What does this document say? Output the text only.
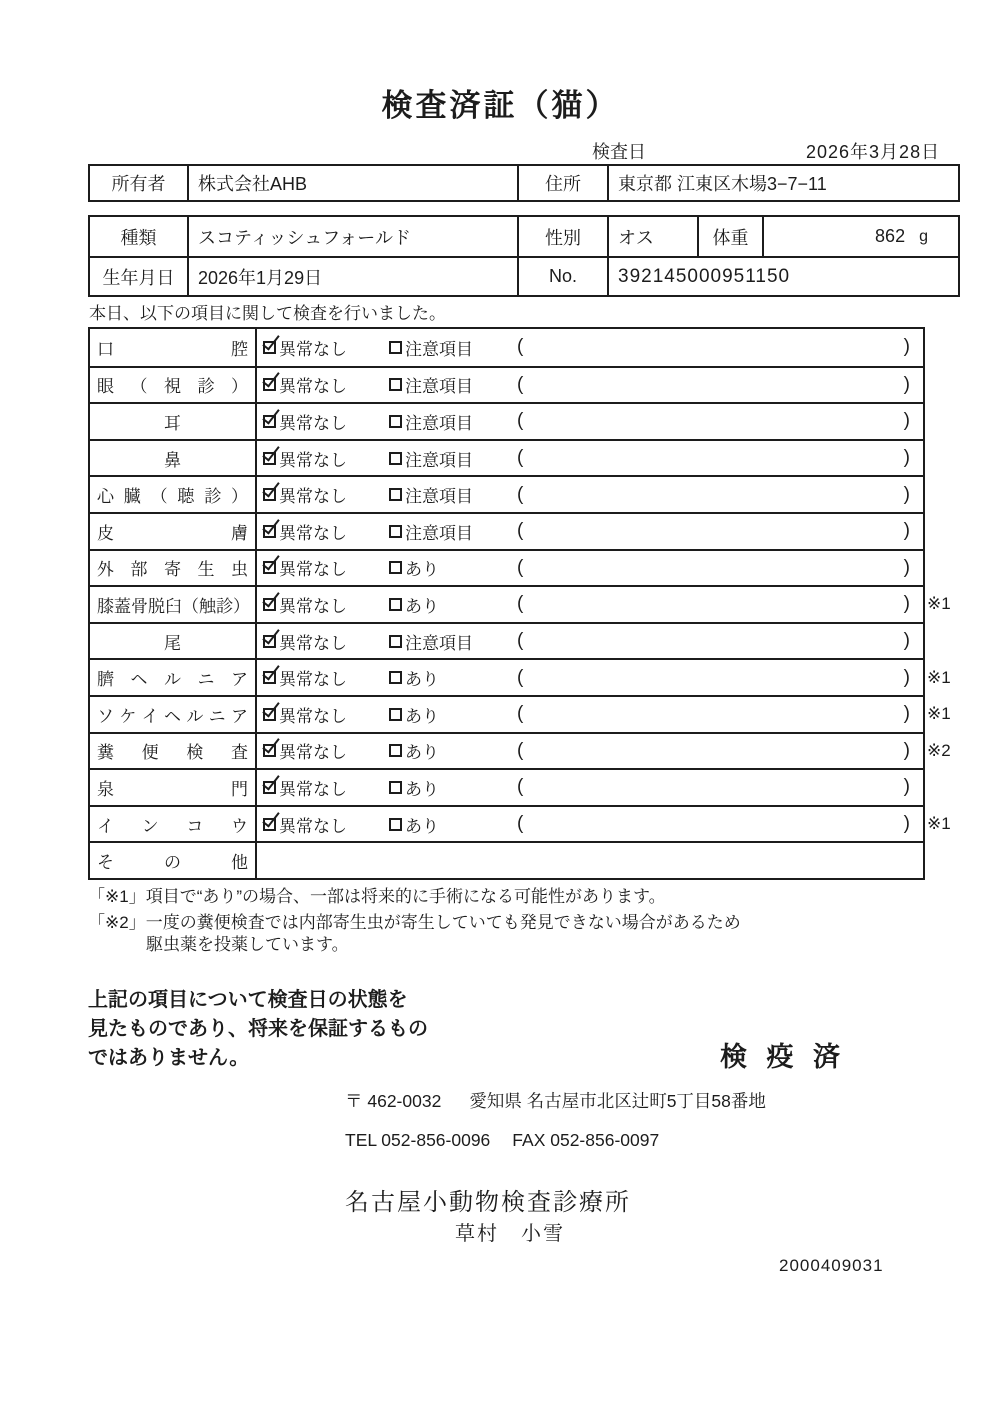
検査済証（猫）
検査日	2026年3月28日
所有者	株式会社AHB	住所	東京都 江東区木場3−7−11
種類	スコティッシュフォールド	性別	オス	体重	862 g
生年月日	2026年1月29日	No.	392145000951150
本日、以下の項目に関して検査を行いました。
口 腔 異常なし	注意項目	(	)
眼 （ 視 診 ） 異常なし	注意項目	(	)
耳	異常なし	注意項目	(	)
鼻	異常なし	注意項目	(	)
心 臓 （ 聴 診 ） 異常なし	注意項目	(	)
皮 膚 異常なし	注意項目	(	)
外 部 寄 生 虫 異常なし	あり	(	)
膝蓋骨脱臼（触診） 異常なし	あり	(	) ※1
尾	異常なし	注意項目	(	)
臍 ヘ ル ニ ア 異常なし	あり	(	) ※1
ソ ケ イ ヘ ル ニ ア 異常なし	あり	(	) ※1
糞 便 検 査 異常なし	あり	(	) ※2
泉 門 異常なし	あり	(	)
イ ン コ ウ 異常なし	あり	(	) ※1
そ の 他
「※1」項目で“あり”の場合、一部は将来的に手術になる可能性があります。
「※2」一度の糞便検査では内部寄生虫が寄生していても発見できない場合があるため
駆虫薬を投薬しています。
上記の項目について検査日の状態を
見たものであり、将来を保証するもの
ではありません。	検 疫 済
〒 462-0032 愛知県 名古屋市北区辻町5丁目58番地
TEL 052-856-0096 FAX 052-856-0097
名古屋小動物検査診療所
草村　小雪
2000409031
